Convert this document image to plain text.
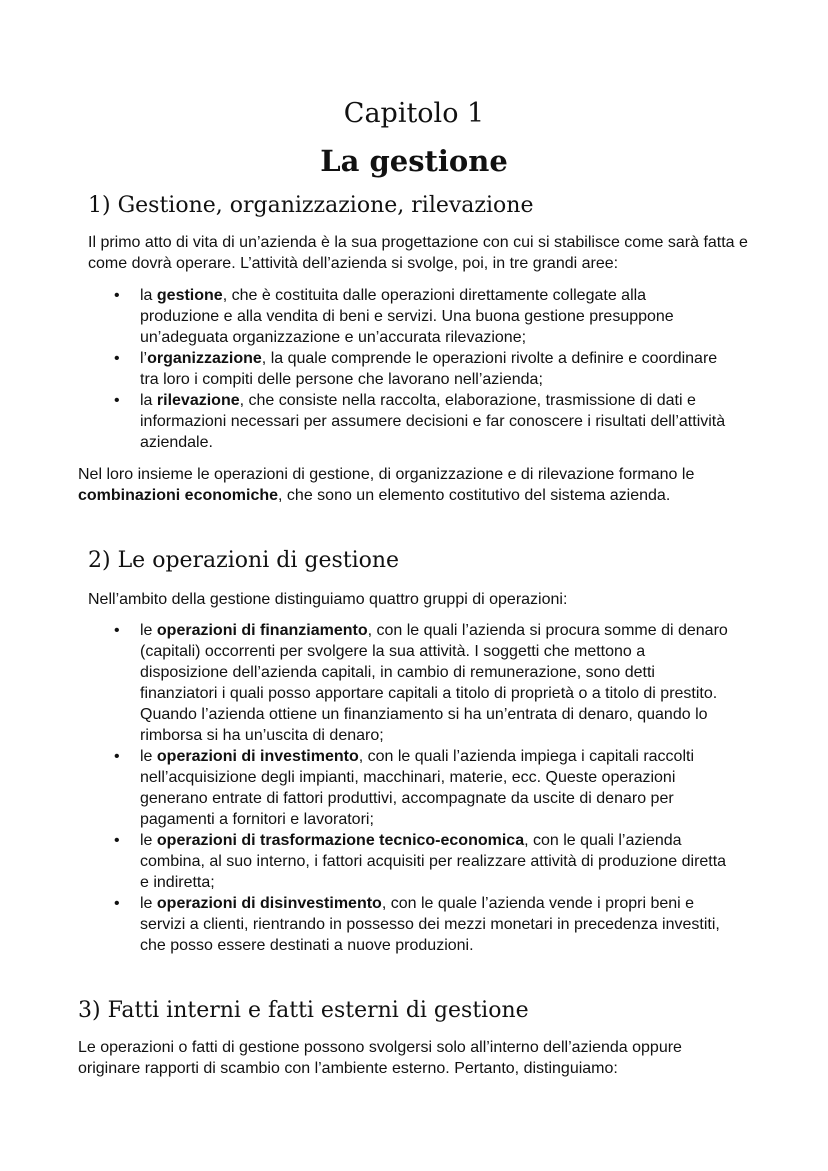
Capitolo 1
La gestione
1) Gestione, organizzazione, rilevazione
Il primo atto di vita di un’azienda è la sua progettazione con cui si stabilisce come sarà fatta e come dovrà operare. L’attività dell’azienda si svolge, poi, in tre grandi aree:
• la gestione, che è costituita dalle operazioni direttamente collegate alla produzione e alla vendita di beni e servizi. Una buona gestione presuppone un’adeguata organizzazione e un’accurata rilevazione;
• l’organizzazione, la quale comprende le operazioni rivolte a definire e coordinare tra loro i compiti delle persone che lavorano nell’azienda;
• la rilevazione, che consiste nella raccolta, elaborazione, trasmissione di dati e informazioni necessari per assumere decisioni e far conoscere i risultati dell’attività aziendale.
Nel loro insieme le operazioni di gestione, di organizzazione e di rilevazione formano le combinazioni economiche, che sono un elemento costitutivo del sistema azienda.
2) Le operazioni di gestione
Nell’ambito della gestione distinguiamo quattro gruppi di operazioni:
• le operazioni di finanziamento, con le quali l’azienda si procura somme di denaro (capitali) occorrenti per svolgere la sua attività. I soggetti che mettono a disposizione dell’azienda capitali, in cambio di remunerazione, sono detti finanziatori i quali posso apportare capitali a titolo di proprietà o a titolo di prestito. Quando l’azienda ottiene un finanziamento si ha un’entrata di denaro, quando lo rimborsa si ha un’uscita di denaro;
• le operazioni di investimento, con le quali l’azienda impiega i capitali raccolti nell’acquisizione degli impianti, macchinari, materie, ecc. Queste operazioni generano entrate di fattori produttivi, accompagnate da uscite di denaro per pagamenti a fornitori e lavoratori;
• le operazioni di trasformazione tecnico-economica, con le quali l’azienda combina, al suo interno, i fattori acquisiti per realizzare attività di produzione diretta e indiretta;
• le operazioni di disinvestimento, con le quale l’azienda vende i propri beni e servizi a clienti, rientrando in possesso dei mezzi monetari in precedenza investiti, che posso essere destinati a nuove produzioni.
3) Fatti interni e fatti esterni di gestione
Le operazioni o fatti di gestione possono svolgersi solo all’interno dell’azienda oppure originare rapporti di scambio con l’ambiente esterno. Pertanto, distinguiamo:
